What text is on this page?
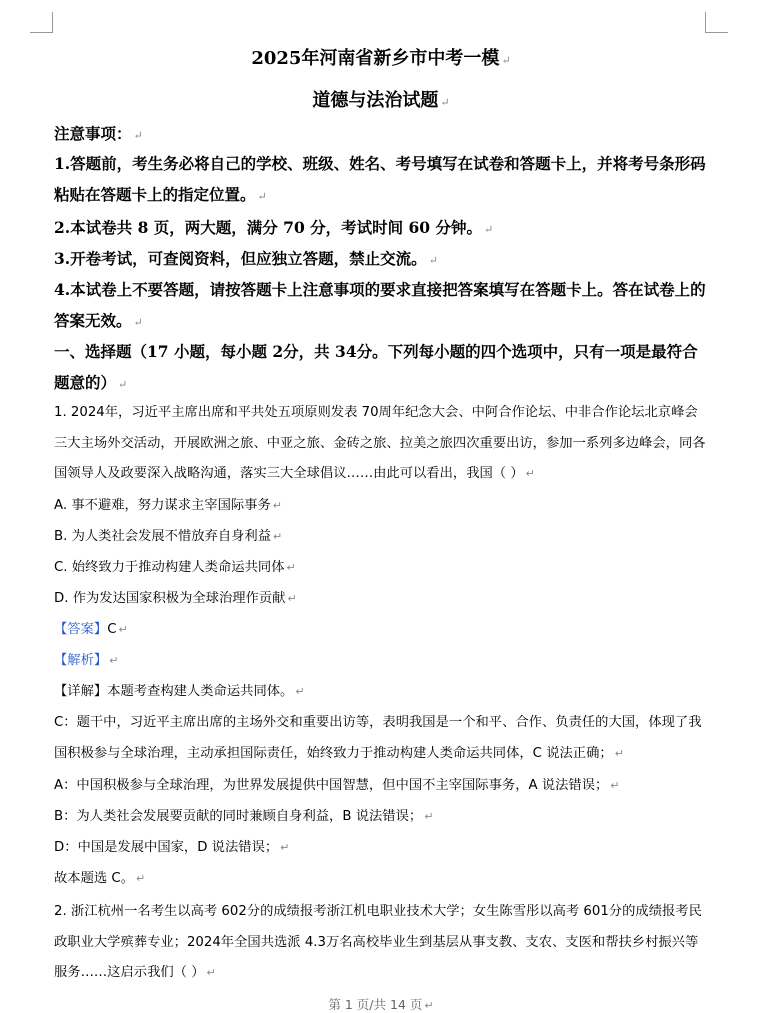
2025年河南省新乡市中考一模 ↵
道德与法治试题 ↵
注意事项： ↵
1.答题前，考生务必将自己的学校、班级、姓名、考号填写在试卷和答题卡上，并将考号条形码粘贴在答题卡上的指定位置。 ↵
2.本试卷共 8 页，两大题，满分 70 分，考试时间 60 分钟。 ↵
3.开卷考试，可查阅资料，但应独立答题，禁止交流。 ↵
4.本试卷上不要答题，请按答题卡上注意事项的要求直接把答案填写在答题卡上。答在试卷上的答案无效。 ↵
一、选择题（17 小题，每小题 2分，共 34分。下列每小题的四个选项中，只有一项是最符合题意的） ↵
1. 2024年，习近平主席出席和平共处五项原则发表 70周年纪念大会、中阿合作论坛、中非合作论坛北京峰会三大主场外交活动，开展欧洲之旅、中亚之旅、金砖之旅、拉美之旅四次重要出访，参加一系列多边峰会，同各国领导人及政要深入战略沟通，落实三大全球倡议……由此可以看出，我国（ ） ↵
A. 事不避难，努力谋求主宰国际事务 ↵
B. 为人类社会发展不惜放弃自身利益 ↵
C. 始终致力于推动构建人类命运共同体 ↵
D. 作为发达国家积极为全球治理作贡献 ↵
【答案】C ↵
【解析】 ↵
【详解】本题考查构建人类命运共同体。 ↵
C：题干中，习近平主席出席的主场外交和重要出访等，表明我国是一个和平、合作、负责任的大国，体现了我国积极参与全球治理，主动承担国际责任，始终致力于推动构建人类命运共同体，C 说法正确； ↵
A：中国积极参与全球治理，为世界发展提供中国智慧，但中国不主宰国际事务，A 说法错误； ↵
B：为人类社会发展要贡献的同时兼顾自身利益，B 说法错误； ↵
D：中国是发展中国家，D 说法错误； ↵
故本题选 C。 ↵
2. 浙江杭州一名考生以高考 602分的成绩报考浙江机电职业技术大学；女生陈雪彤以高考 601分的成绩报考民政职业大学殡葬专业；2024年全国共选派 4.3万名高校毕业生到基层从事支教、支农、支医和帮扶乡村振兴等服务……这启示我们（ ） ↵
第 1 页/共 14 页 ↵
